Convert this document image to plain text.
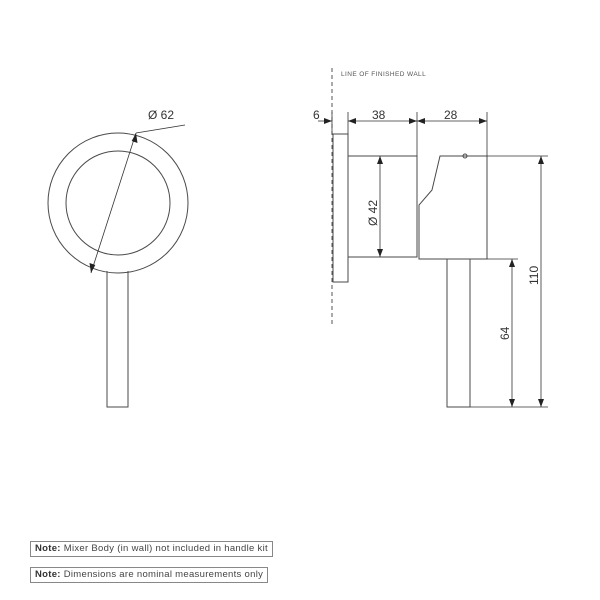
Ø 62
LINE OF FINISHED WALL
6	38	28
Ø 42
110
64
Note: Mixer Body (in wall) not included in handle kit
Note: Dimensions are nominal measurements only
